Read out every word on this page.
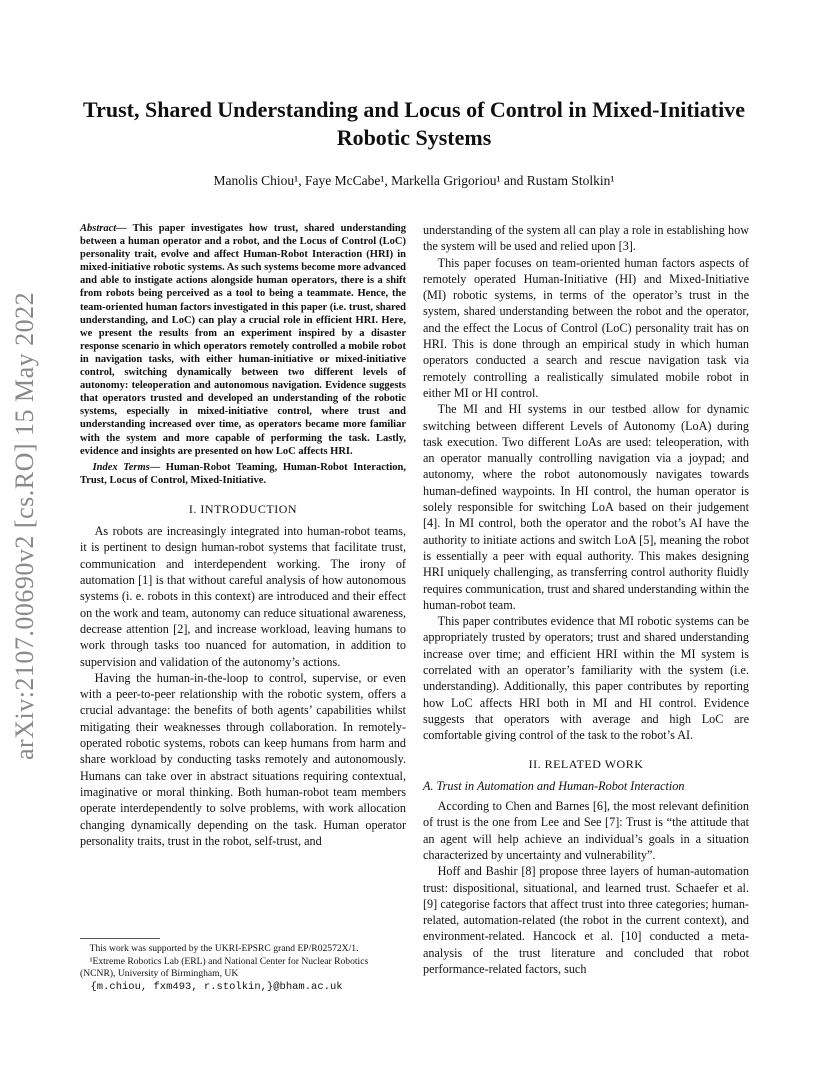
arXiv:2107.00690v2 [cs.RO] 15 May 2022
Trust, Shared Understanding and Locus of Control in Mixed-Initiative Robotic Systems
Manolis Chiou¹, Faye McCabe¹, Markella Grigoriou¹ and Rustam Stolkin¹
Abstract— This paper investigates how trust, shared understanding between a human operator and a robot, and the Locus of Control (LoC) personality trait, evolve and affect Human-Robot Interaction (HRI) in mixed-initiative robotic systems. As such systems become more advanced and able to instigate actions alongside human operators, there is a shift from robots being perceived as a tool to being a teammate. Hence, the team-oriented human factors investigated in this paper (i.e. trust, shared understanding, and LoC) can play a crucial role in efficient HRI. Here, we present the results from an experiment inspired by a disaster response scenario in which operators remotely controlled a mobile robot in navigation tasks, with either human-initiative or mixed-initiative control, switching dynamically between two different levels of autonomy: teleoperation and autonomous navigation. Evidence suggests that operators trusted and developed an understanding of the robotic systems, especially in mixed-initiative control, where trust and understanding increased over time, as operators became more familiar with the system and more capable of performing the task. Lastly, evidence and insights are presented on how LoC affects HRI.
Index Terms— Human-Robot Teaming, Human-Robot Interaction, Trust, Locus of Control, Mixed-Initiative.
I. INTRODUCTION

As robots are increasingly integrated into human-robot teams, it is pertinent to design human-robot systems that facilitate trust, communication and interdependent working. The irony of automation [1] is that without careful analysis of how autonomous systems (i. e. robots in this context) are introduced and their effect on the work and team, autonomy can reduce situational awareness, decrease attention [2], and increase workload, leaving humans to work through tasks too nuanced for automation, in addition to supervision and validation of the autonomy’s actions.

Having the human-in-the-loop to control, supervise, or even with a peer-to-peer relationship with the robotic system, offers a crucial advantage: the benefits of both agents’ capabilities whilst mitigating their weaknesses through collaboration. In remotely-operated robotic systems, robots can keep humans from harm and share workload by conducting tasks remotely and autonomously. Humans can take over in abstract situations requiring contextual, imaginative or moral thinking. Both human-robot team members operate interdependently to solve problems, with work allocation changing dynamically depending on the task. Human operator personality traits, trust in the robot, self-trust, and

understanding of the system all can play a role in establishing how the system will be used and relied upon [3].

This paper focuses on team-oriented human factors aspects of remotely operated Human-Initiative (HI) and Mixed-Initiative (MI) robotic systems, in terms of the operator’s trust in the system, shared understanding between the robot and the operator, and the effect the Locus of Control (LoC) personality trait has on HRI. This is done through an empirical study in which human operators conducted a search and rescue navigation task via remotely controlling a realistically simulated mobile robot in either MI or HI control.

The MI and HI systems in our testbed allow for dynamic switching between different Levels of Autonomy (LoA) during task execution. Two different LoAs are used: teleoperation, with an operator manually controlling navigation via a joypad; and autonomy, where the robot autonomously navigates towards human-defined waypoints. In HI control, the human operator is solely responsible for switching LoA based on their judgement [4]. In MI control, both the operator and the robot’s AI have the authority to initiate actions and switch LoA [5], meaning the robot is essentially a peer with equal authority. This makes designing HRI uniquely challenging, as transferring control authority fluidly requires communication, trust and shared understanding within the human-robot team.

This paper contributes evidence that MI robotic systems can be appropriately trusted by operators; trust and shared understanding increase over time; and efficient HRI within the MI system is correlated with an operator’s familiarity with the system (i.e. understanding). Additionally, this paper contributes by reporting how LoC affects HRI both in MI and HI control. Evidence suggests that operators with average and high LoC are comfortable giving control of the task to the robot’s AI.

II. RELATED WORK

A. Trust in Automation and Human-Robot Interaction

According to Chen and Barnes [6], the most relevant definition of trust is the one from Lee and See [7]: Trust is “the attitude that an agent will help achieve an individual’s goals in a situation characterized by uncertainty and vulnerability”.

Hoff and Bashir [8] propose three layers of human-automation trust: dispositional, situational, and learned trust. Schaefer et al. [9] categorise factors that affect trust into three categories; human-related, automation-related (the robot in the current context), and environment-related. Hancock et al. [10] conducted a meta-analysis of the trust literature and concluded that robot performance-related factors, such

This work was supported by the UKRI-EPSRC grand EP/R02572X/1.
¹Extreme Robotics Lab (ERL) and National Center for Nuclear Robotics (NCNR), University of Birmingham, UK
{m.chiou, fxm493, r.stolkin,}@bham.ac.uk
